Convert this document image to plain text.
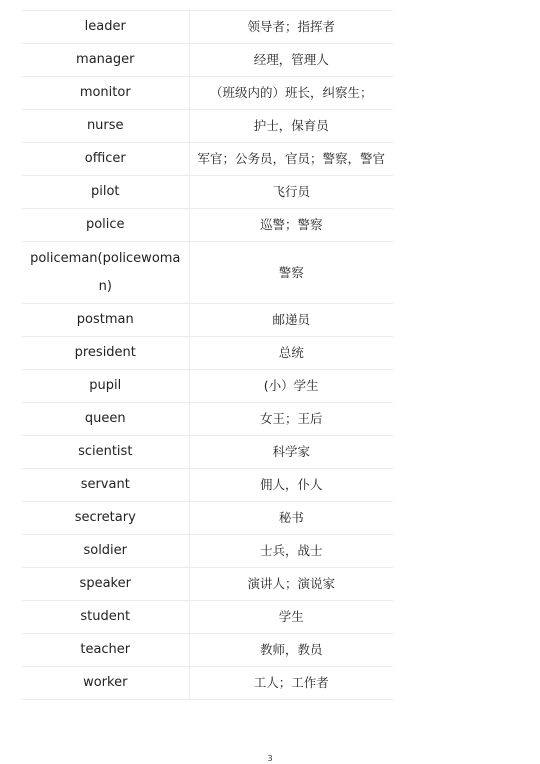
leader	领导者；指挥者
manager	经理，管理人
monitor	（班级内的）班长，纠察生；
nurse	护士，保育员
officer	军官；公务员，官员；警察，警官
pilot	飞行员
police	巡警；警察
policeman(policewoman)	警察
postman	邮递员
president	总统
pupil	(小）学生
queen	女王；王后
scientist	科学家
servant	佣人，仆人
secretary	秘书
soldier	士兵，战士
speaker	演讲人；演说家
student	学生
teacher	教师，教员
worker	工人；工作者
3
